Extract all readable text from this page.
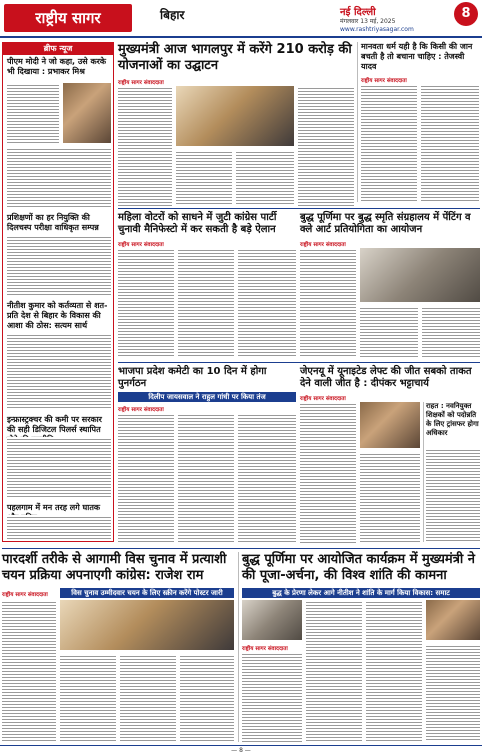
राष्ट्रीय सागर	बिहार	नई दिल्ली
मंगलवार 13 मई, 2025
www.rashtriyasagar.com
8
ब्रीफ न्यूज
पीएम मोदी ने जो कहा, उसे करके भी दिखाया : प्रभाकर मिश्र
प्रशिक्षणों का हर नियुक्ति की दिलचस्प परीक्षा वाधिकृत सम्पन्न
नीतीश कुमार को कर्तव्यता से शत-प्रति देश से बिहार के विकास की आशा की ठोस: सत्यम सार्थ
इन्फ्रास्ट्रक्चर की कमी पर सरकार की सही डिजिटल पिलर्स स्थापित
पहलगाम में मन तरह लगे घातक
मुख्यमंत्री आज भागलपुर में करेंगे 210 करोड़ की योजनाओं का उद्घाटन
राष्ट्रीय सागर संवाददाता
मानवता धर्म यही है कि किसी की जान बचती है तो बचाना चाहिए : तेजस्वी यादव
राष्ट्रीय सागर संवाददाता
महिला वोटरों को साधने में जुटी कांग्रेस पार्टी चुनावी मैनिफेस्टो में कर सकती है बड़े ऐलान
राष्ट्रीय सागर संवाददाता
बुद्ध पूर्णिमा पर बुद्ध स्मृति संग्रहालय में पेंटिंग व क्ले आर्ट प्रतियोगिता का आयोजन
राष्ट्रीय सागर संवाददाता
भाजपा प्रदेश कमेटी का 10 दिन में होगा पुनर्गठन
दिलीप जायसवाल ने राहुल गांधी पर किया तंज
राष्ट्रीय सागर संवाददाता
जेएनयू में यूनाइटेड लेफ्ट की जीत सबको ताकत देने वाली जीत है : दीपंकर भट्टाचार्य
राष्ट्रीय सागर संवाददाता
राहत : नवनियुक्त शिक्षकों को पदोन्नति के लिए ट्रांसफर होगा अधिकार
पारदर्शी तरीके से आगामी विस चुनाव में प्रत्याशी चयन प्रक्रिया अपनाएगी कांग्रेस: राजेश राम
विस चुनाव उम्मीदवार चयन के लिए स्क्रीन करेंगे पोस्टर जारी
राष्ट्रीय सागर संवाददाता
बुद्ध पूर्णिमा पर आयोजित कार्यक्रम में मुख्यमंत्री ने की पूजा-अर्चना, की विश्व शांति की कामना
बुद्ध के प्रेरणा लेकर आगे नीतीश ने शांति के मार्ग किया विकास: समाट
राष्ट्रीय सागर संवाददाता
— 8 —
